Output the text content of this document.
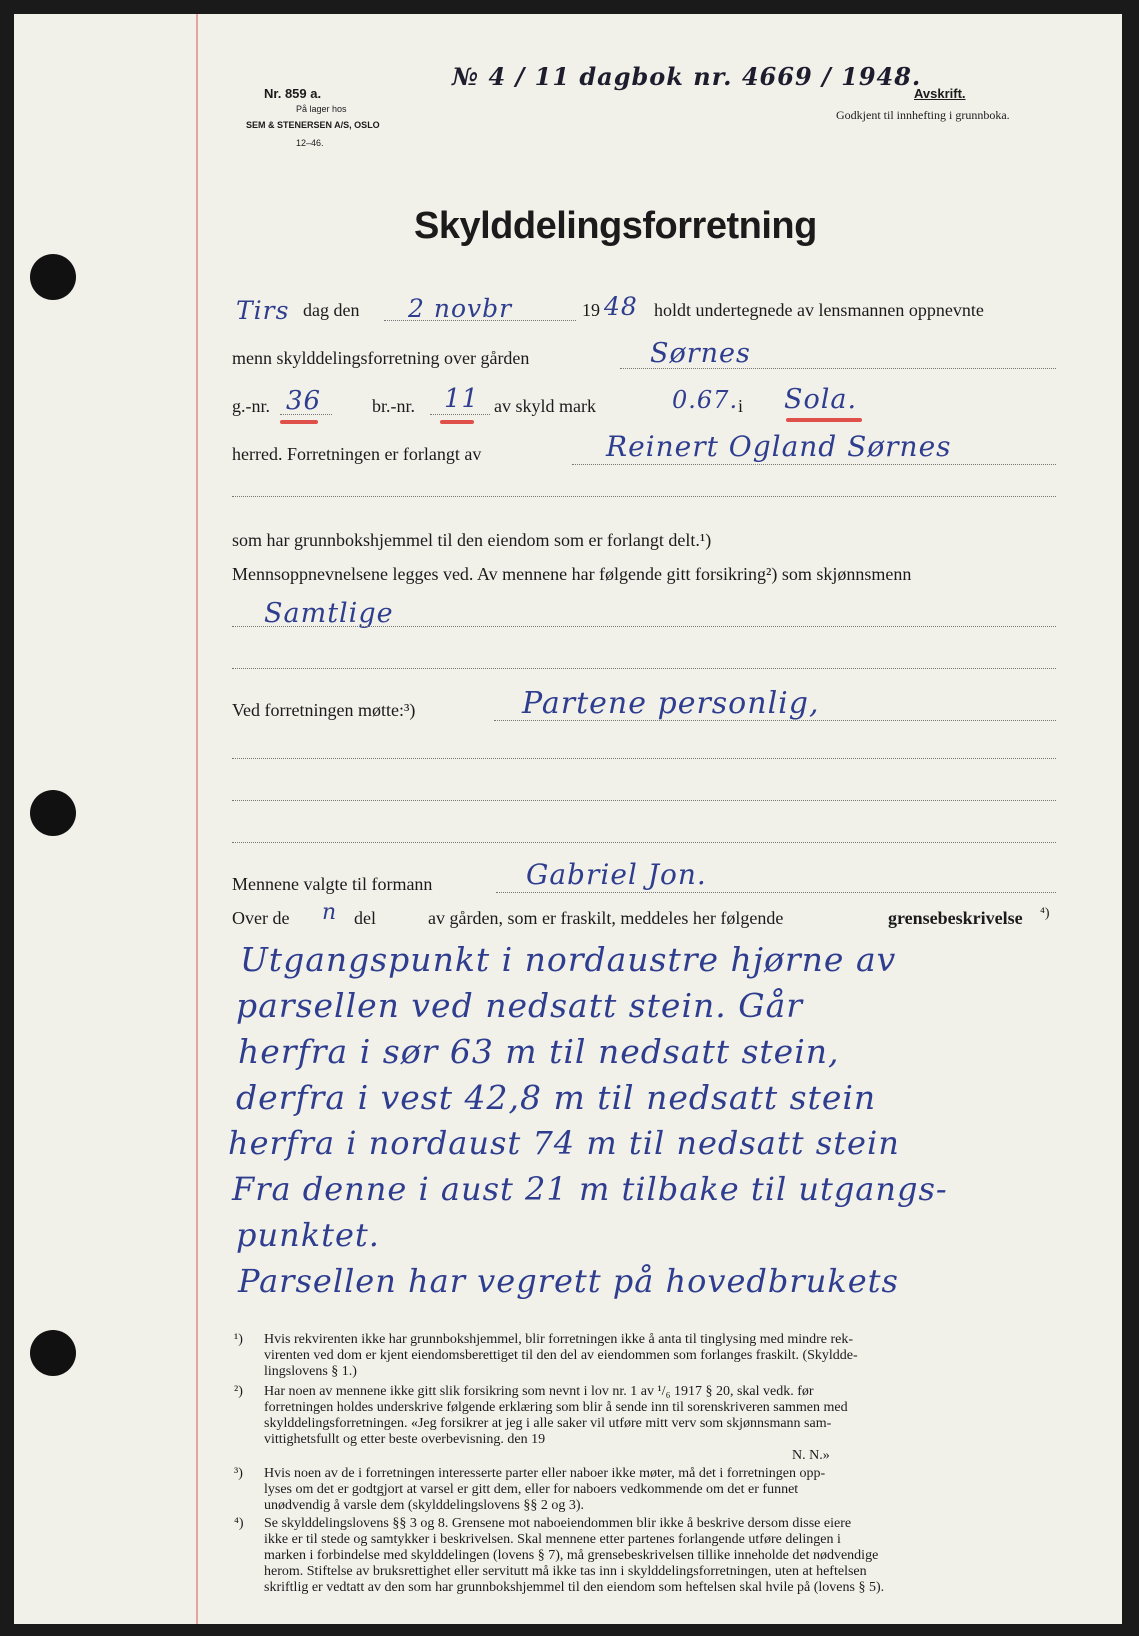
Nr. 859 a.
På lager hos
SEM & STENERSEN A/S, OSLO
12–46.
№ 4 / 11 dagbok nr. 4669 / 1948.
Avskrift.
Godkjent til innhefting i grunnboka.
Skylddelingsforretning
Tirs dag den 2 novbr	19 48 holdt undertegnede av lensmannen oppnevnte
menn skylddelingsforretning over gården	Sørnes
g.-nr. 36	br.-nr. 11 av skyld mark	0.67. i Sola.
herred. Forretningen er forlangt av	Reinert Ogland Sørnes
som har grunnbokshjemmel til den eiendom som er forlangt delt.¹)
Mennsoppnevnelsene legges ved. Av mennene har følgende gitt forsikring²) som skjønnsmenn
Samtlige
Ved forretningen møtte:³)	Partene personlig,
Mennene valgte til formann	Gabriel Jon.
Over de n del	av gården, som er fraskilt, meddeles her følgende	grensebeskrivelse ⁴)
Utgangspunkt i nordaustre hjørne av
parsellen ved nedsatt stein. Går
herfra i sør 63 m til nedsatt stein,
derfra i vest 42,8 m til nedsatt stein
herfra i nordaust 74 m til nedsatt stein
Fra denne i aust 21 m tilbake til utgangs-
punktet.
Parsellen har vegrett på hovedbrukets
¹) Hvis rekvirenten ikke har grunnbokshjemmel, blir forretningen ikke å anta til tinglysing med mindre rek-
virenten ved dom er kjent eiendomsberettiget til den del av eiendommen som forlanges fraskilt. (Skylddе-
lingslovens § 1.)
²) Har noen av mennene ikke gitt slik forsikring som nevnt i lov nr. 1 av ¹/₆ 1917 § 20, skal vedk. før
forretningen holdes underskrive følgende erklæring som blir å sende inn til sorenskriveren sammen med
skylddelingsforretningen. «Jeg forsikrer at jeg i alle saker vil utføre mitt verv som skjønnsmann sam-
vittighetsfullt og etter beste overbevisning. den 19
N. N.»
³) Hvis noen av de i forretningen interesserte parter eller naboer ikke møter, må det i forretningen opp-
lyses om det er godtgjort at varsel er gitt dem, eller for naboers vedkommende om det er funnet
unødvendig å varsle dem (skylddelingslovens §§ 2 og 3).
⁴) Se skylddelingslovens §§ 3 og 8. Grensene mot naboeiendommen blir ikke å beskrive dersom disse eiere
ikke er til stede og samtykker i beskrivelsen. Skal mennene etter partenes forlangende utføre delingen i
marken i forbindelse med skylddelingen (lovens § 7), må grensebeskrivelsen tillike inneholde det nødvendige
herom. Stiftelse av bruksrettighet eller servitutt må ikke tas inn i skylddelingsforretningen, uten at heftelsen
skriftlig er vedtatt av den som har grunnbokshjemmel til den eiendom som heftelsen skal hvile på (lovens § 5).
